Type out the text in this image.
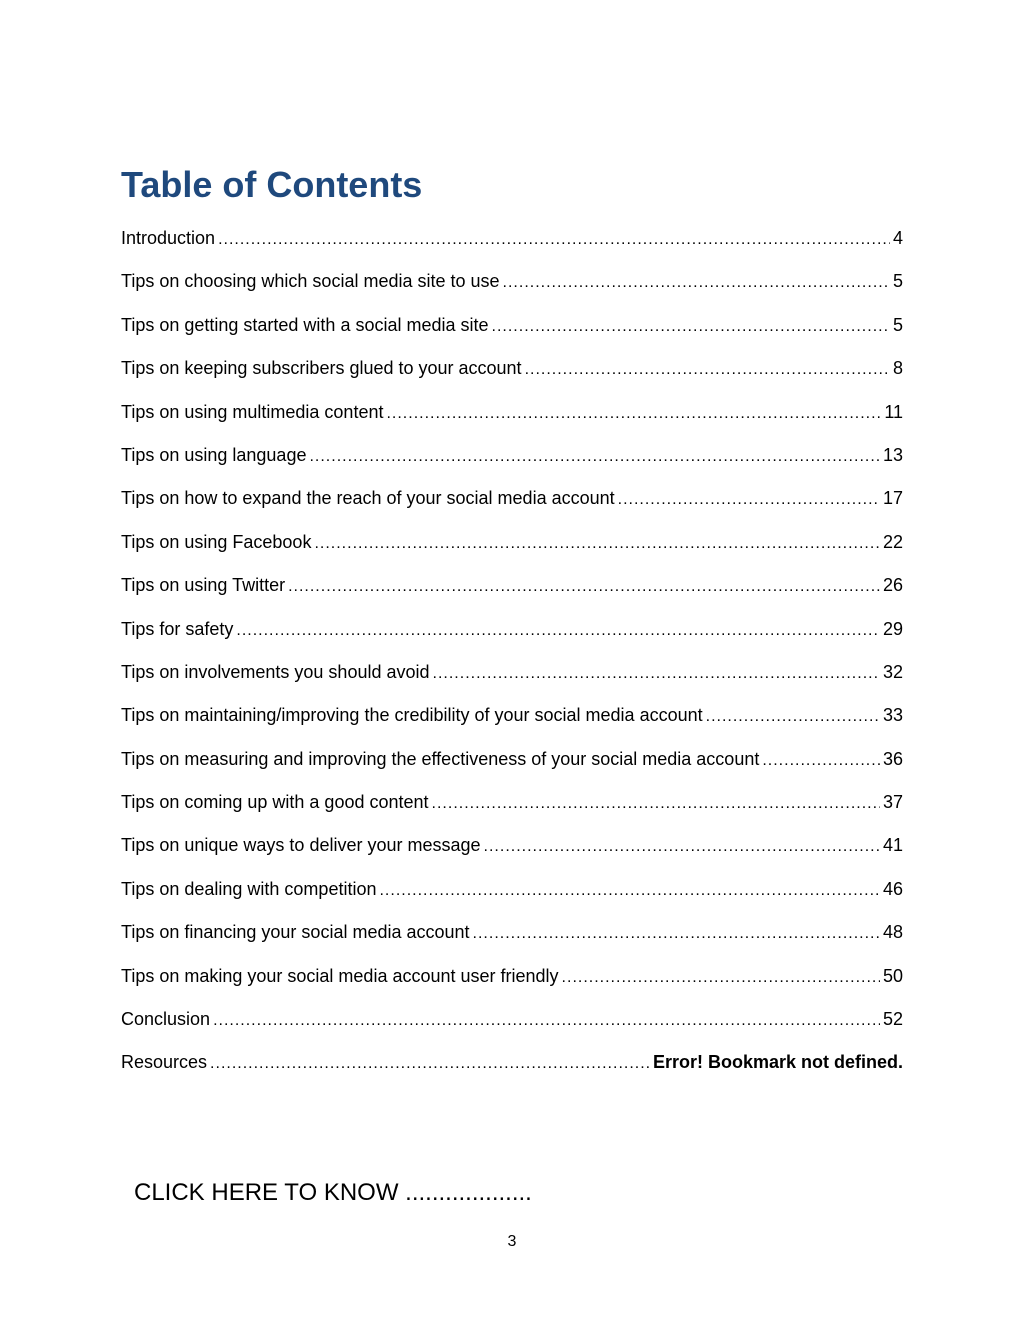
Table of Contents
Introduction .....	4
Tips on choosing which social media site to use .....	5
Tips on getting started with a social media site .....	5
Tips on keeping subscribers glued to your account .....	8
Tips on using multimedia content .....	11
Tips on using language .....	13
Tips on how to expand the reach of your social media account .....	17
Tips on using Facebook .....	22
Tips on using Twitter .....	26
Tips for safety .....	29
Tips on involvements you should avoid .....	32
Tips on maintaining/improving the credibility of your social media account .....	33
Tips on measuring and improving the effectiveness of your social media account .....	36
Tips on coming up with a good content .....	37
Tips on unique ways to deliver your message .....	41
Tips on dealing with competition .....	46
Tips on financing your social media account .....	48
Tips on making your social media account user friendly .....	50
Conclusion .....	52
Resources .....	Error! Bookmark not defined.
CLICK HERE TO KNOW ...................
3
